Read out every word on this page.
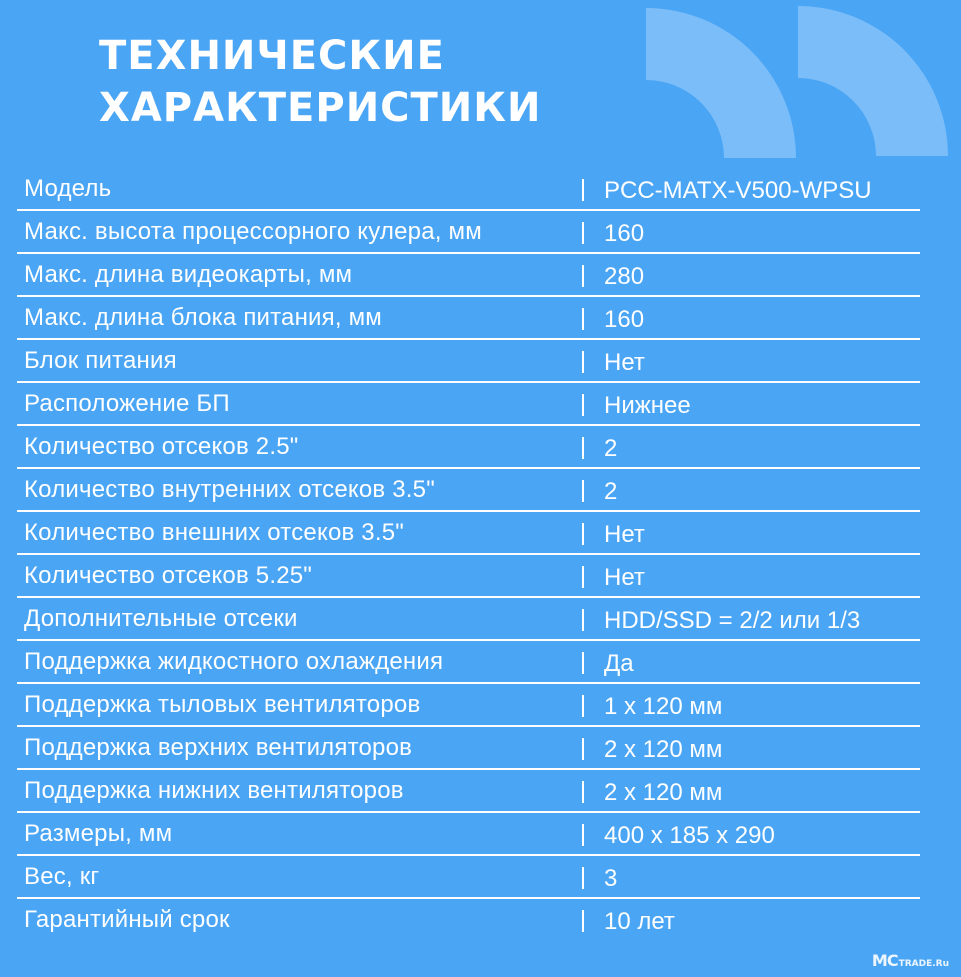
ТЕХНИЧЕСКИЕ
ХАРАКТЕРИСТИКИ
Модель	PCC-MATX-V500-WPSU
Макс. высота процессорного кулера, мм	160
Макс. длина видеокарты, мм	280
Макс. длина блока питания, мм	160
Блок питания	Нет
Расположение БП	Нижнее
Количество отсеков 2.5"	2
Количество внутренних отсеков 3.5"	2
Количество внешних отсеков 3.5"	Нет
Количество отсеков 5.25"	Нет
Дополнительные отсеки	HDD/SSD = 2/2 или 1/3
Поддержка жидкостного охлаждения	Да
Поддержка тыловых вентиляторов	1 x 120 мм
Поддержка верхних вентиляторов	2 x 120 мм
Поддержка нижних вентиляторов	2 x 120 мм
Размеры, мм	400 x 185 x 290
Вес, кг	3
Гарантийный срок	10 лет
MC TRADE.Ru
